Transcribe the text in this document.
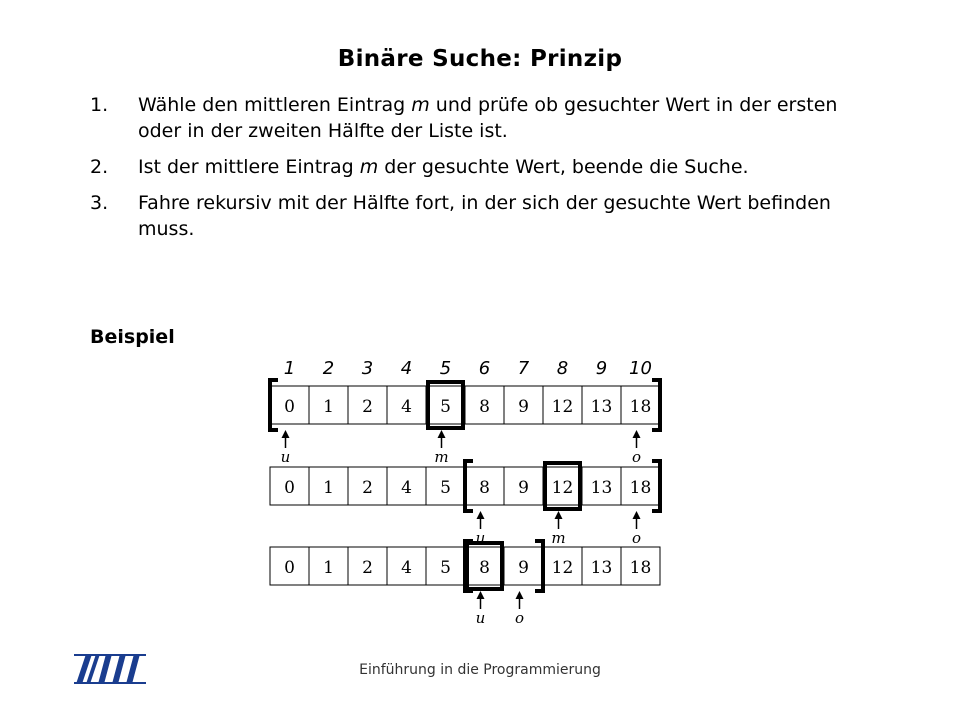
Binäre Suche: Prinzip
1. Wähle den mittleren Eintrag m und prüfe ob gesuchter Wert in der ersten oder in der zweiten Hälfte der Liste ist.
2. Ist der mittlere Eintrag m der gesuchte Wert, beende die Suche.
3. Fahre rekursiv mit der Hälfte fort, in der sich der gesuchte Wert befinden muss.
Beispiel
1 2 3 4 5 6 7 8 9 10
0 1 2 4 5 8 9 12 13 18
u	m	o
0 1 2 4 5 8 9 12 13 18
u	m	o
0 1 2 4 5 8 9 12 13 18
u o
Einführung in die Programmierung
